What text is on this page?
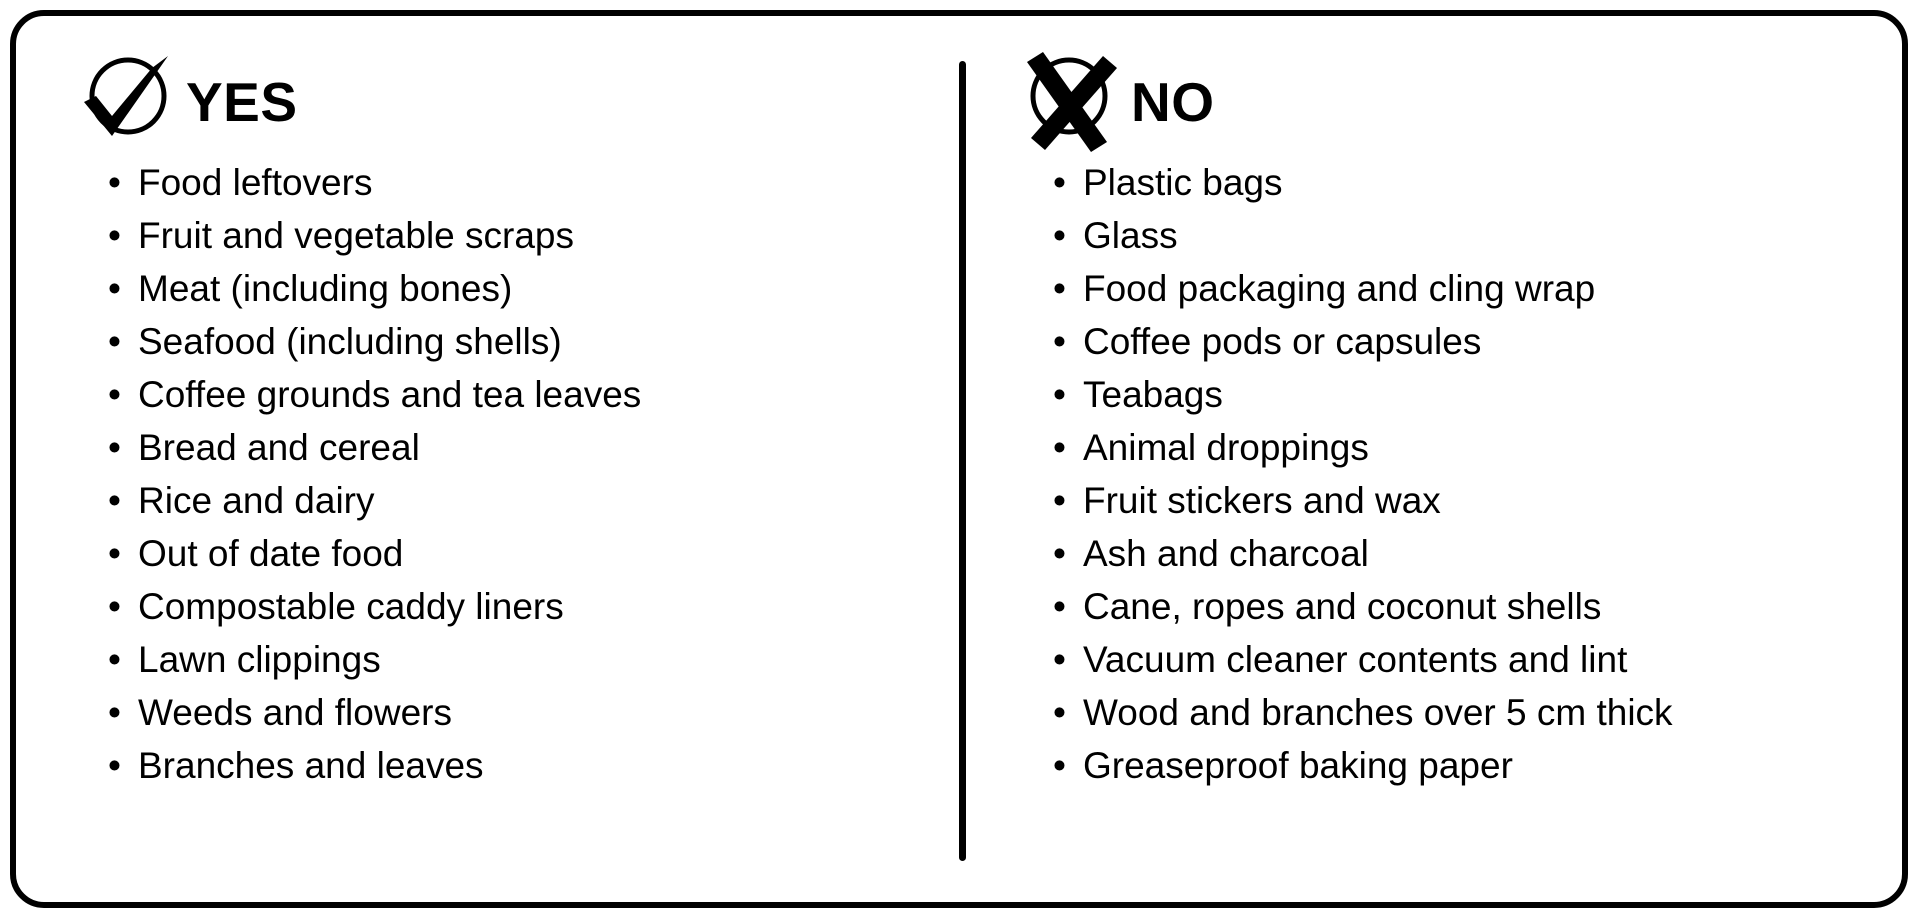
YES
• Food leftovers
• Fruit and vegetable scraps
• Meat (including bones)
• Seafood (including shells)
• Coffee grounds and tea leaves
• Bread and cereal
• Rice and dairy
• Out of date food
• Compostable caddy liners
• Lawn clippings
• Weeds and flowers
• Branches and leaves
NO
• Plastic bags
• Glass
• Food packaging and cling wrap
• Coffee pods or capsules
• Teabags
• Animal droppings
• Fruit stickers and wax
• Ash and charcoal
• Cane, ropes and coconut shells
• Vacuum cleaner contents and lint
• Wood and branches over 5 cm thick
• Greaseproof baking paper
